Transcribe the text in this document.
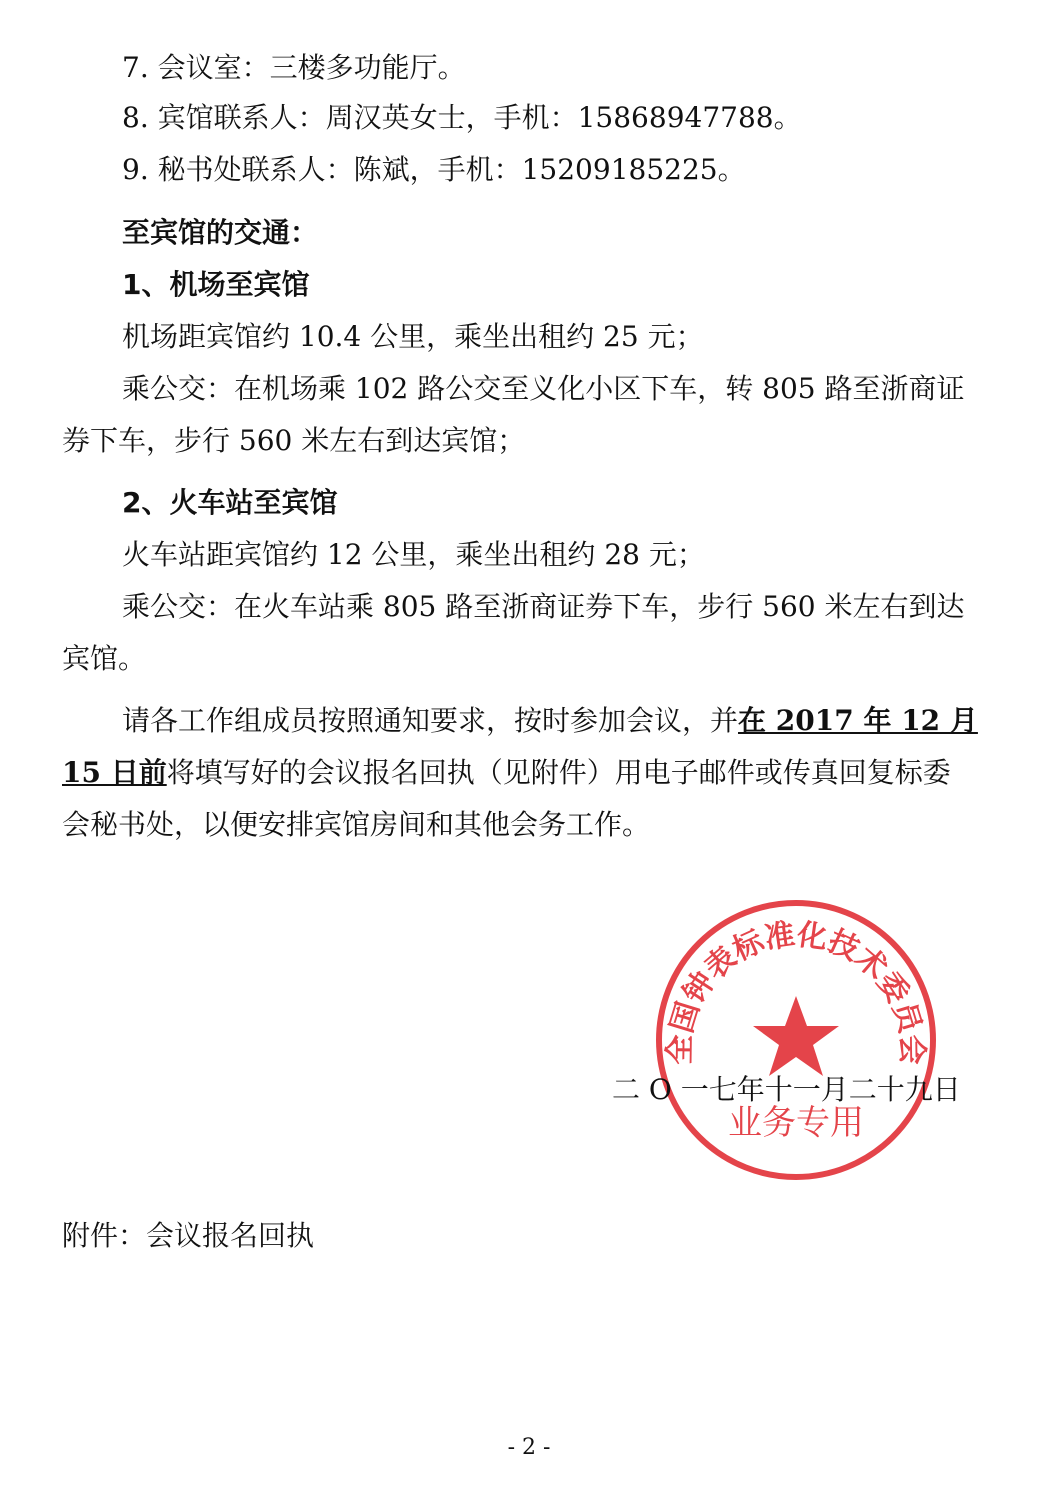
7. 会议室：三楼多功能厅。
8. 宾馆联系人：周汉英女士，手机：15868947788。
9. 秘书处联系人：陈斌，手机：15209185225。
至宾馆的交通：
1、机场至宾馆
机场距宾馆约 10.4 公里，乘坐出租约 25 元；
乘公交：在机场乘 102 路公交至义化小区下车，转 805 路至浙商证
券下车，步行 560 米左右到达宾馆；
2、火车站至宾馆
火车站距宾馆约 12 公里，乘坐出租约 28 元；
乘公交：在火车站乘 805 路至浙商证券下车，步行 560 米左右到达
宾馆。
请各工作组成员按照通知要求，按时参加会议，并在 2017 年 12 月
15 日前将填写好的会议报名回执（见附件）用电子邮件或传真回复标委
会秘书处，以便安排宾馆房间和其他会务工作。
全国钟表标准化技术委员会
业务专用
二 O 一七年十一月二十九日
附件：会议报名回执
- 2 -
